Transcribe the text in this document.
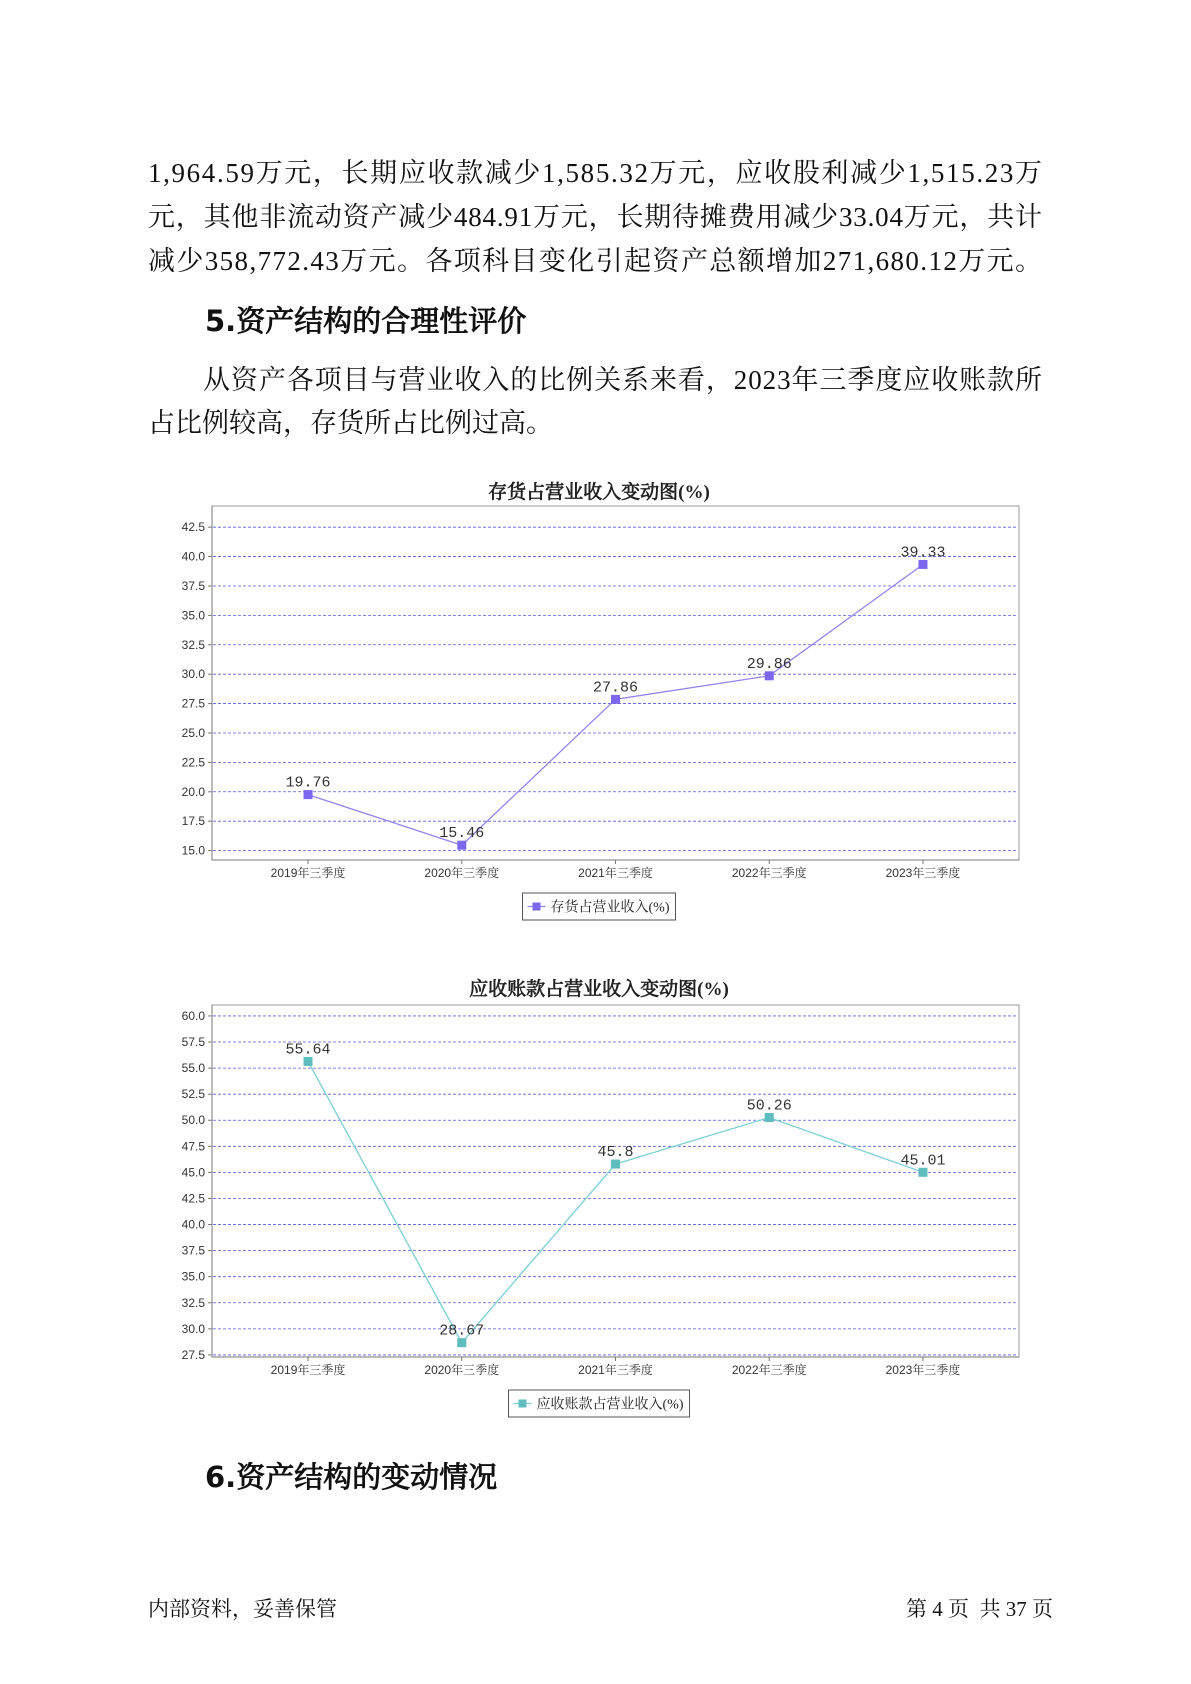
1,964.59万元，长期应收款减少1,585.32万元，应收股利减少1,515.23万
元，其他非流动资产减少484.91万元，长期待摊费用减少33.04万元，共计
减少358,772.43万元。各项科目变化引起资产总额增加271,680.12万元。
5.资产结构的合理性评价
从资产各项目与营业收入的比例关系来看，2023年三季度应收账款所
占比例较高，存货所占比例过高。
存货占营业收入变动图(%)
15.0
17.5
20.0
22.5
25.0
27.5
30.0
32.5
35.0
37.5
40.0
42.5
2019年三季度	2020年三季度	2021年三季度	2022年三季度	2023年三季度
19.76
15.46
27.86
29.86
39.33
存货占营业收入(%)
应收账款占营业收入变动图(%)
27.5
30.0
32.5
35.0
37.5
40.0
42.5
45.0
47.5
50.0
52.5
55.0
57.5
60.0
2019年三季度	2020年三季度	2021年三季度	2022年三季度	2023年三季度
55.64
28.67
45.8
50.26
45.01
应收账款占营业收入(%)
6.资产结构的变动情况
内部资料，妥善保管	第 4 页  共 37 页
